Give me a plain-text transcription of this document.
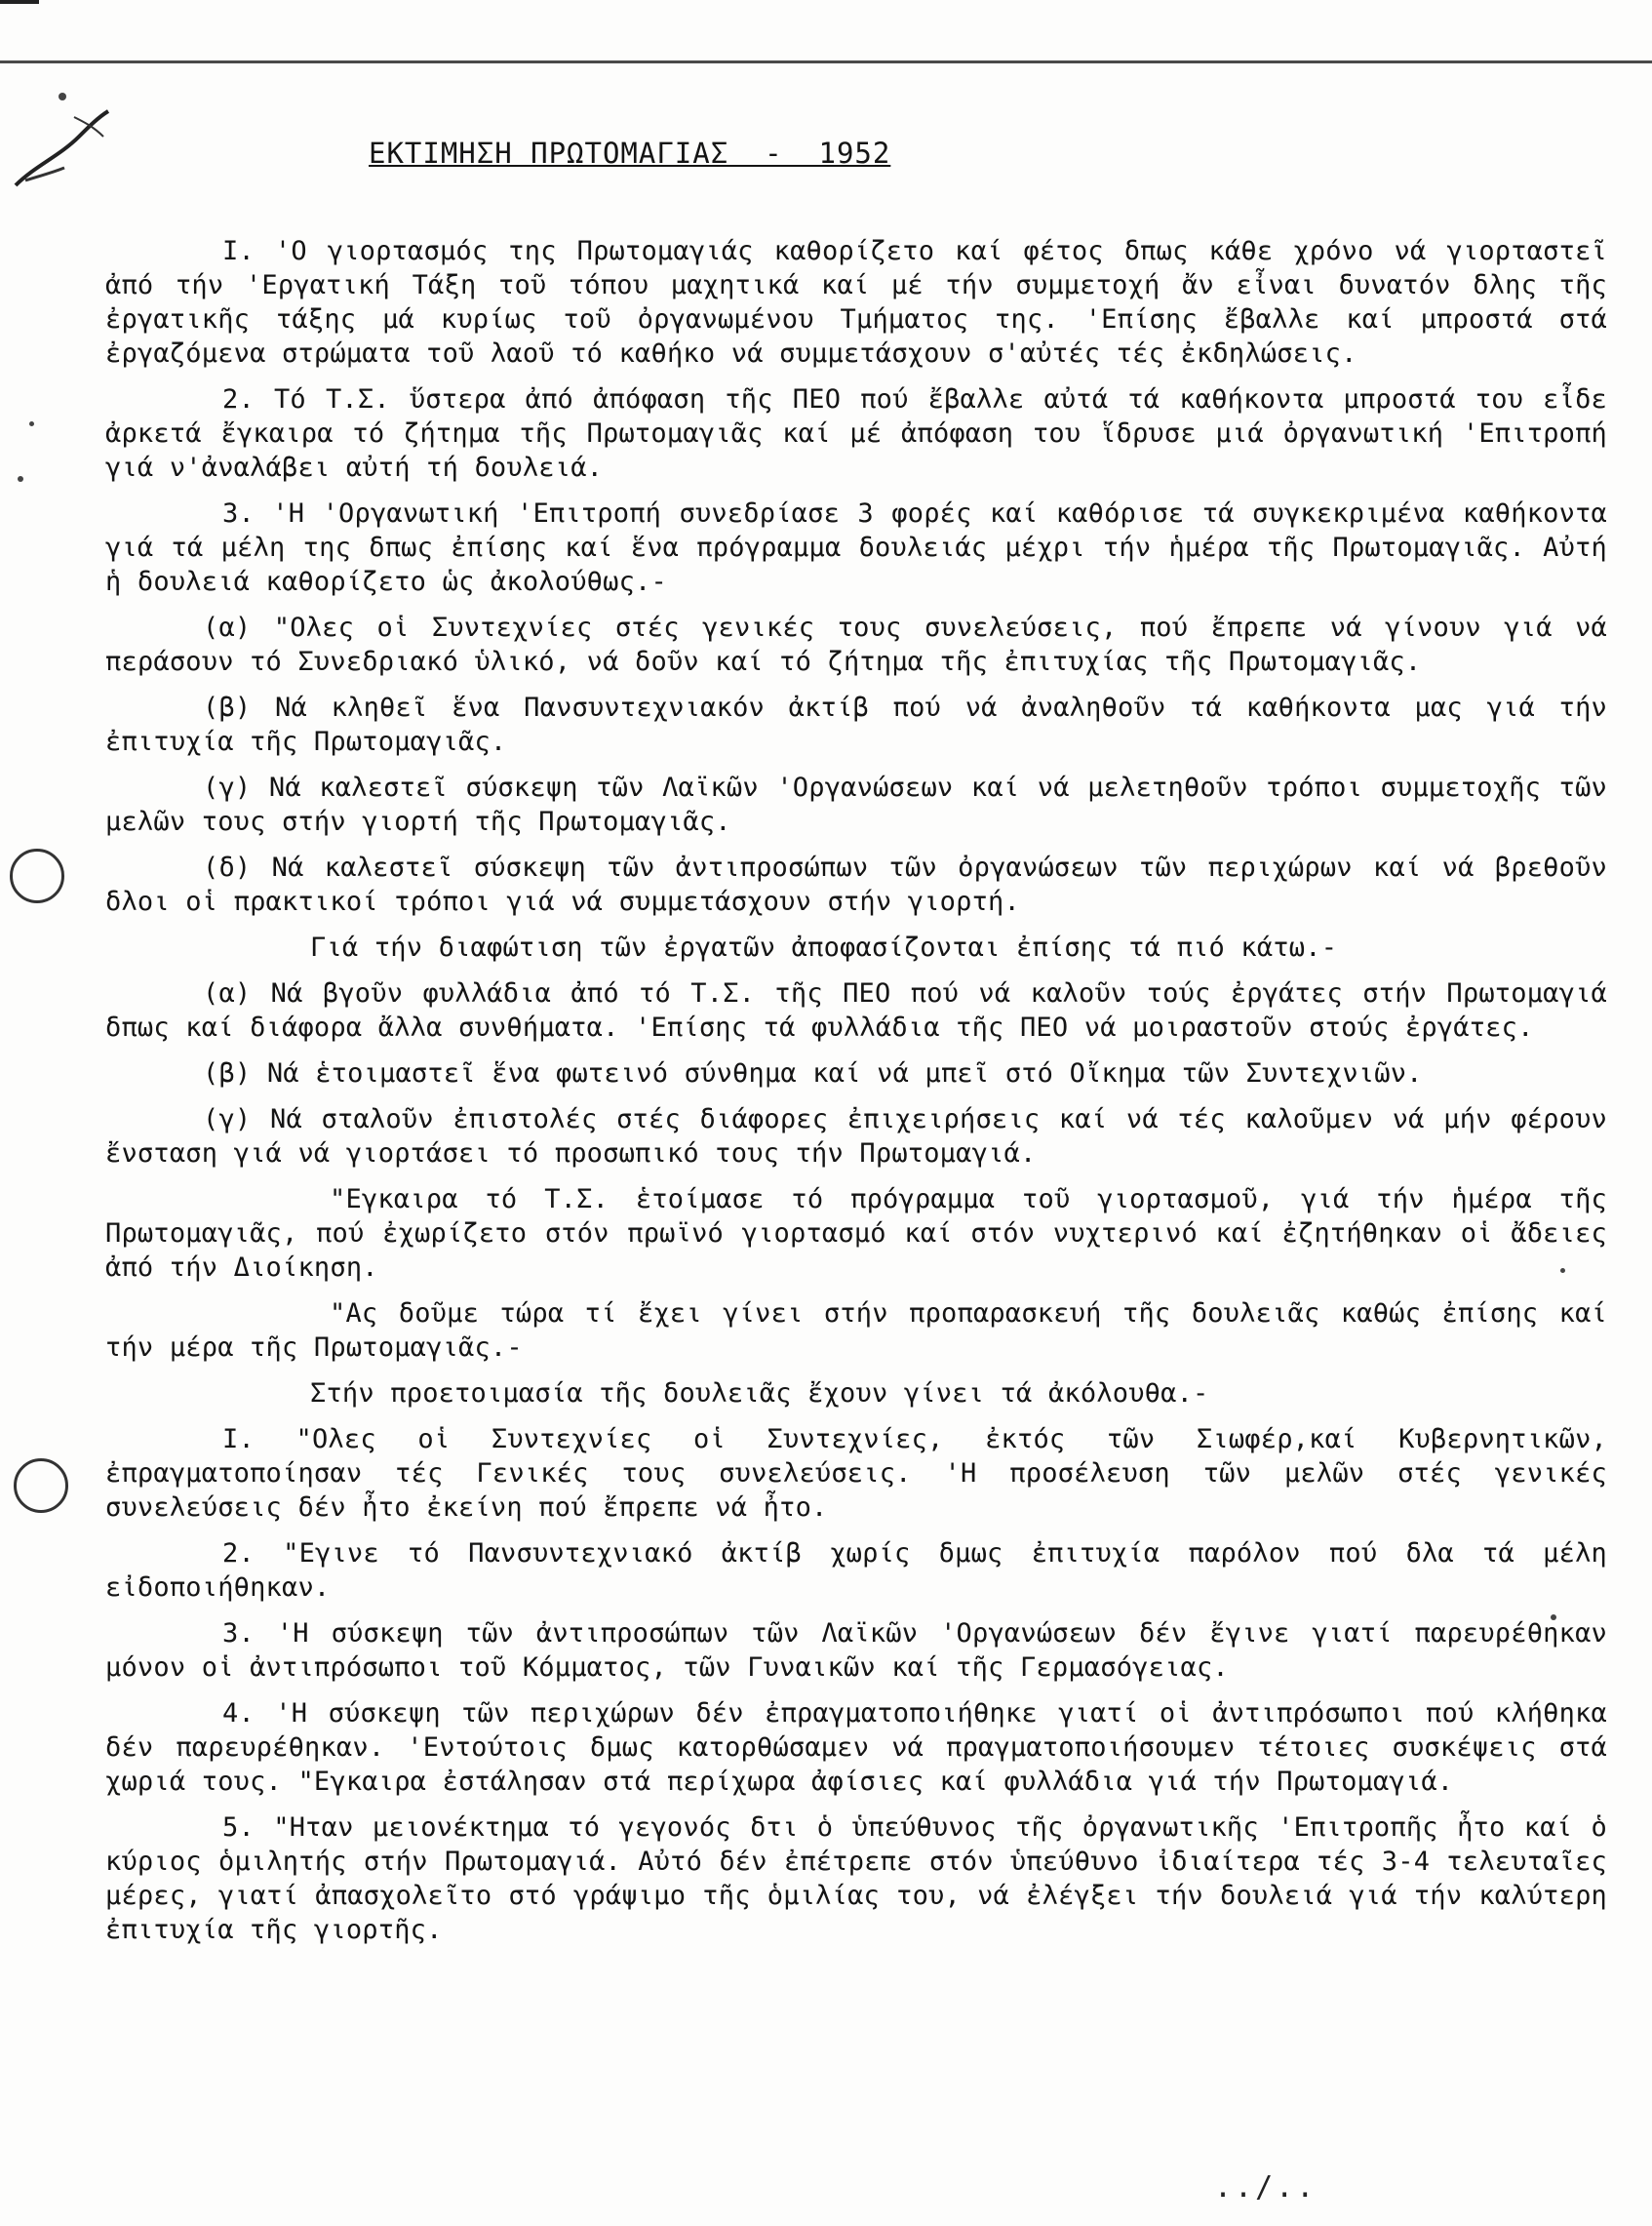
ΕΚΤΙΜΗΣΗ ΠΡΩΤΟΜΑΓΙΑΣ  -  1952

I. 'Ο γιορτασμός της Πρωτομαγιάς καθορίζετο καί φέτος δπως κάθε χρόνο νά γιορταστεῖ ἀπό τήν 'Εργατική Τάξη τοῦ τόπου μαχητικά καί μέ τήν συμμετοχή ἄν εἶναι δυνατόν δλης τῆς ἐργατικῆς τάξης μά κυρίως τοῦ ὀργανωμένου Τμήματος της. 'Επίσης ἔβαλλε καί μπροστά στά ἐργαζόμενα στρώματα τοῦ λαοῦ τό καθήκο νά συμμετάσχουν σ'αὐτές τές ἐκδηλώσεις.

2. Τό Τ.Σ. ὕστερα ἀπό ἀπόφαση τῆς ΠΕΟ πού ἔβαλλε αὐτά τά καθήκοντα μπροστά του εἶδε ἀρκετά ἔγκαιρα τό ζήτημα τῆς Πρωτομαγιᾶς καί μέ ἀπόφαση του ἵδρυσε μιά ὀργανωτική 'Επιτροπή γιά ν'ἀναλάβει αὐτή τή δουλειά.

3. 'Η 'Οργανωτική 'Επιτροπή συνεδρίασε 3 φορές καί καθόρισε τά συγκεκριμένα καθήκοντα γιά τά μέλη της δπως ἐπίσης καί ἕνα πρόγραμμα δουλειάς μέχρι τήν ἡμέρα τῆς Πρωτομαγιᾶς. Αὐτή ἡ δουλειά καθορίζετο ὡς ἀκολούθως.-

(α) "Ολες οἱ Συντεχνίες στές γενικές τους συνελεύσεις, πού ἔπρεπε νά γίνουν γιά νά περάσουν τό Συνεδριακό ὑλικό, νά δοῦν καί τό ζήτημα τῆς ἐπιτυχίας τῆς Πρωτομαγιᾶς.

(β) Νά κληθεῖ ἕνα Πανσυντεχνιακόν ἀκτίβ πού νά ἀναληθοῦν τά καθήκοντα μας γιά τήν ἐπιτυχία τῆς Πρωτομαγιᾶς.

(γ) Νά καλεστεῖ σύσκεψη τῶν Λαϊκῶν 'Οργανώσεων καί νά μελετηθοῦν τρόποι συμμετοχῆς τῶν μελῶν τους στήν γιορτή τῆς Πρωτομαγιᾶς.

(δ) Νά καλεστεῖ σύσκεψη τῶν ἀντιπροσώπων τῶν ὀργανώσεων τῶν περιχώρων καί νά βρεθοῦν δλοι οἱ πρακτικοί τρόποι γιά νά συμμετάσχουν στήν γιορτή.

Γιά τήν διαφώτιση τῶν ἐργατῶν ἀποφασίζονται ἐπίσης τά πιό κάτω.-

(α) Νά βγοῦν φυλλάδια ἀπό τό Τ.Σ. τῆς ΠΕΟ πού νά καλοῦν τούς ἐργάτες στήν Πρωτομαγιά δπως καί διάφορα ἄλλα συνθήματα. 'Επίσης τά φυλλάδια τῆς ΠΕΟ νά μοιραστοῦν στούς ἐργάτες.

(β) Νά ἑτοιμαστεῖ ἕνα φωτεινό σύνθημα καί νά μπεῖ στό Οἴκημα τῶν Συντεχνιῶν.

(γ) Νά σταλοῦν ἐπιστολές στές διάφορες ἐπιχειρήσεις καί νά τές καλοῦμεν νά μήν φέρουν ἔνσταση γιά νά γιορτάσει τό προσωπικό τους τήν Πρωτομαγιά.

"Εγκαιρα τό Τ.Σ. ἑτοίμασε τό πρόγραμμα τοῦ γιορτασμοῦ, γιά τήν ἡμέρα τῆς Πρωτομαγιᾶς, πού ἐχωρίζετο στόν πρωϊνό γιορτασμό καί στόν νυχτερινό καί ἐζητήθηκαν οἱ ἄδειες ἀπό τήν Διοίκηση.

"Ας δοῦμε τώρα τί ἔχει γίνει στήν προπαρασκευή τῆς δουλειᾶς καθώς ἐπίσης καί τήν μέρα τῆς Πρωτομαγιᾶς.-

Στήν προετοιμασία τῆς δουλειᾶς ἔχουν γίνει τά ἀκόλουθα.-

I. "Ολες οἱ Συντεχνίες οἱ Συντεχνίες, ἐκτός τῶν Σιωφέρ,καί Κυβερνητικῶν, ἐπραγματοποίησαν τές Γενικές τους συνελεύσεις. 'Η προσέλευση τῶν μελῶν στές γενικές συνελεύσεις δέν ἦτο ἐκείνη πού ἔπρεπε νά ἦτο.

2. "Εγινε τό Πανσυντεχνιακό ἀκτίβ χωρίς δμως ἐπιτυχία παρόλον πού δλα τά μέλη εἰδοποιήθηκαν.

3. 'Η σύσκεψη τῶν ἀντιπροσώπων τῶν Λαϊκῶν 'Οργανώσεων δέν ἔγινε γιατί παρευρέθηκαν μόνον οἱ ἀντιπρόσωποι τοῦ Κόμματος, τῶν Γυναικῶν καί τῆς Γερμασόγειας.

4. 'Η σύσκεψη τῶν περιχώρων δέν ἐπραγματοποιήθηκε γιατί οἱ ἀντιπρόσωποι πού κλήθηκα δέν παρευρέθηκαν. 'Εντούτοις δμως κατορθώσαμεν νά πραγματοποιήσουμεν τέτοιες συσκέψεις στά χωριά τους. "Εγκαιρα ἐστάλησαν στά περίχωρα ἀφίσιες καί φυλλάδια γιά τήν Πρωτομαγιά.

5. "Ηταν μειονέκτημα τό γεγονός δτι ὁ ὑπεύθυνος τῆς ὀργανωτικῆς 'Επιτροπῆς ἦτο καί ὁ κύριος ὁμιλητής στήν Πρωτομαγιά. Αὐτό δέν ἐπέτρεπε στόν ὑπεύθυνο ἰδιαίτερα τές 3-4 τελευταῖες μέρες, γιατί ἀπασχολεῖτο στό γράψιμο τῆς ὁμιλίας του, νά ἐλέγξει τήν δουλειά γιά τήν καλύτερη ἐπιτυχία τῆς γιορτῆς.

../..
